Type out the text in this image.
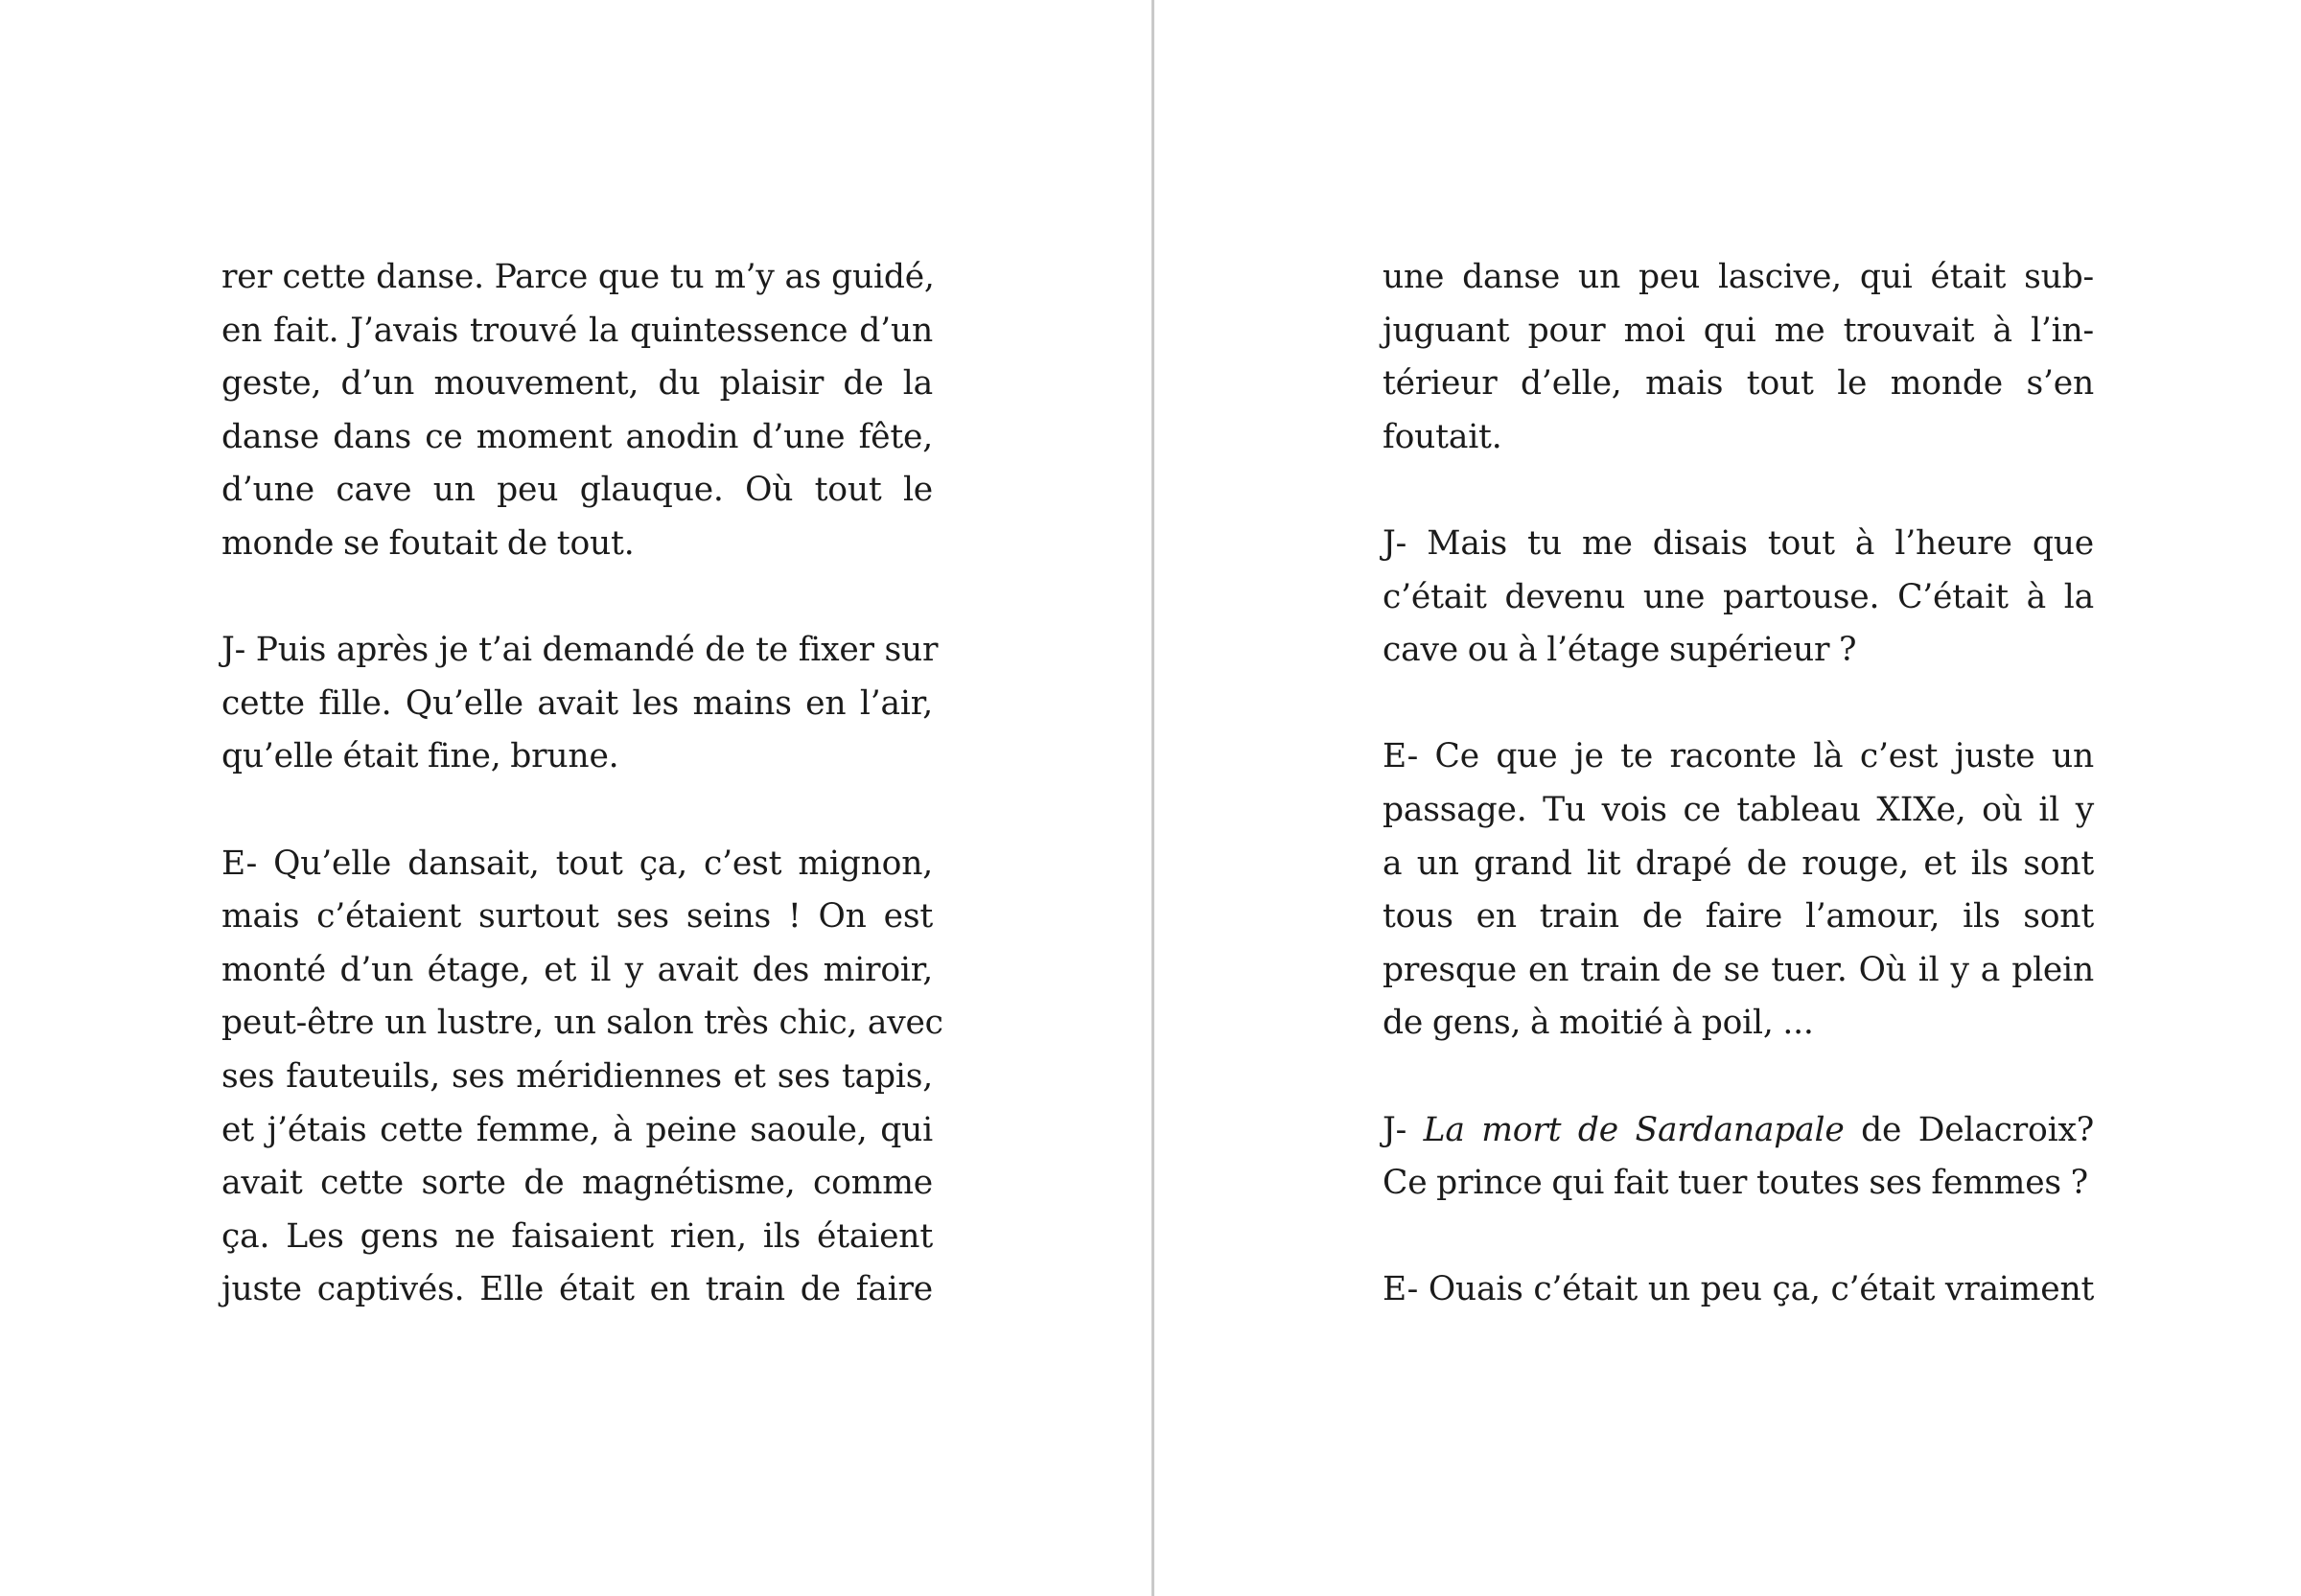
rer cette danse. Parce que tu m’y as guidé,
en fait. J’avais trouvé la quintessence d’un
geste, d’un mouvement, du plaisir de la
danse dans ce moment anodin d’une fête,
d’une cave un peu glauque. Où tout le
monde se foutait de tout.
J- Puis après je t’ai demandé de te fixer sur
cette fille. Qu’elle avait les mains en l’air,
qu’elle était fine, brune.
E- Qu’elle dansait, tout ça, c’est mignon,
mais c’étaient surtout ses seins ! On est
monté d’un étage, et il y avait des miroir,
peut-être un lustre, un salon très chic, avec
ses fauteuils, ses méridiennes et ses tapis,
et j’étais cette femme, à peine saoule, qui
avait cette sorte de magnétisme, comme
ça. Les gens ne faisaient rien, ils étaient
juste captivés. Elle était en train de faire
une danse un peu lascive, qui était sub-
juguant pour moi qui me trouvait à l’in-
térieur d’elle, mais tout le monde s’en
foutait.
J- Mais tu me disais tout à l’heure que
c’était devenu une partouse. C’était à la
cave ou à l’étage supérieur ?
E- Ce que je te raconte là c’est juste un
passage. Tu vois ce tableau XIXe, où il y
a un grand lit drapé de rouge, et ils sont
tous en train de faire l’amour, ils sont
presque en train de se tuer. Où il y a plein
de gens, à moitié à poil, ...
J- La mort de Sardanapale de Delacroix?
Ce prince qui fait tuer toutes ses femmes ?
E- Ouais c’était un peu ça, c’était vraiment
